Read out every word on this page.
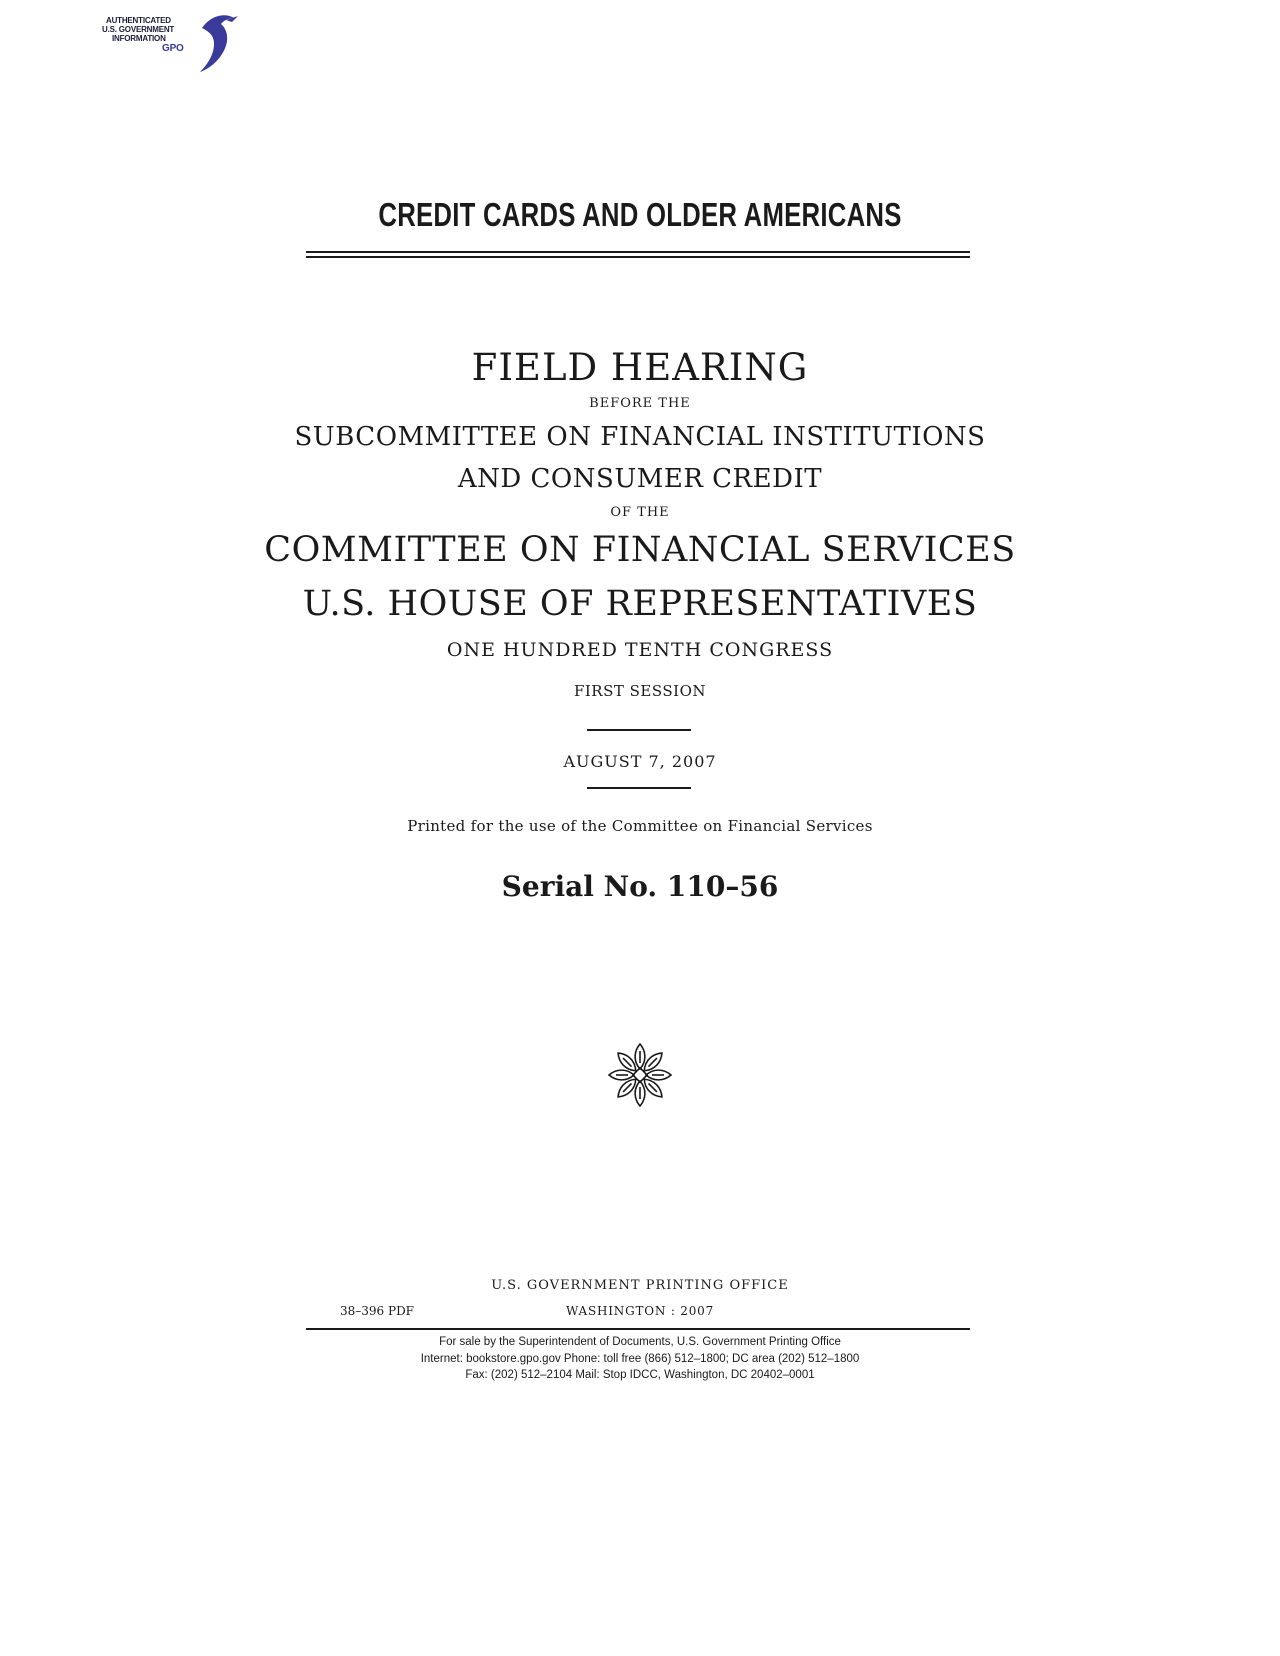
AUTHENTICATED
U.S. GOVERNMENT
INFORMATION
GPO
CREDIT CARDS AND OLDER AMERICANS
FIELD HEARING
BEFORE THE
SUBCOMMITTEE ON FINANCIAL INSTITUTIONS
AND CONSUMER CREDIT
OF THE
COMMITTEE ON FINANCIAL SERVICES
U.S. HOUSE OF REPRESENTATIVES
ONE HUNDRED TENTH CONGRESS
FIRST SESSION
AUGUST 7, 2007
Printed for the use of the Committee on Financial Services
Serial No. 110–56
U.S. GOVERNMENT PRINTING OFFICE
38–396 PDF	WASHINGTON : 2007
For sale by the Superintendent of Documents, U.S. Government Printing Office
Internet: bookstore.gpo.gov Phone: toll free (866) 512–1800; DC area (202) 512–1800
Fax: (202) 512–2104 Mail: Stop IDCC, Washington, DC 20402–0001
